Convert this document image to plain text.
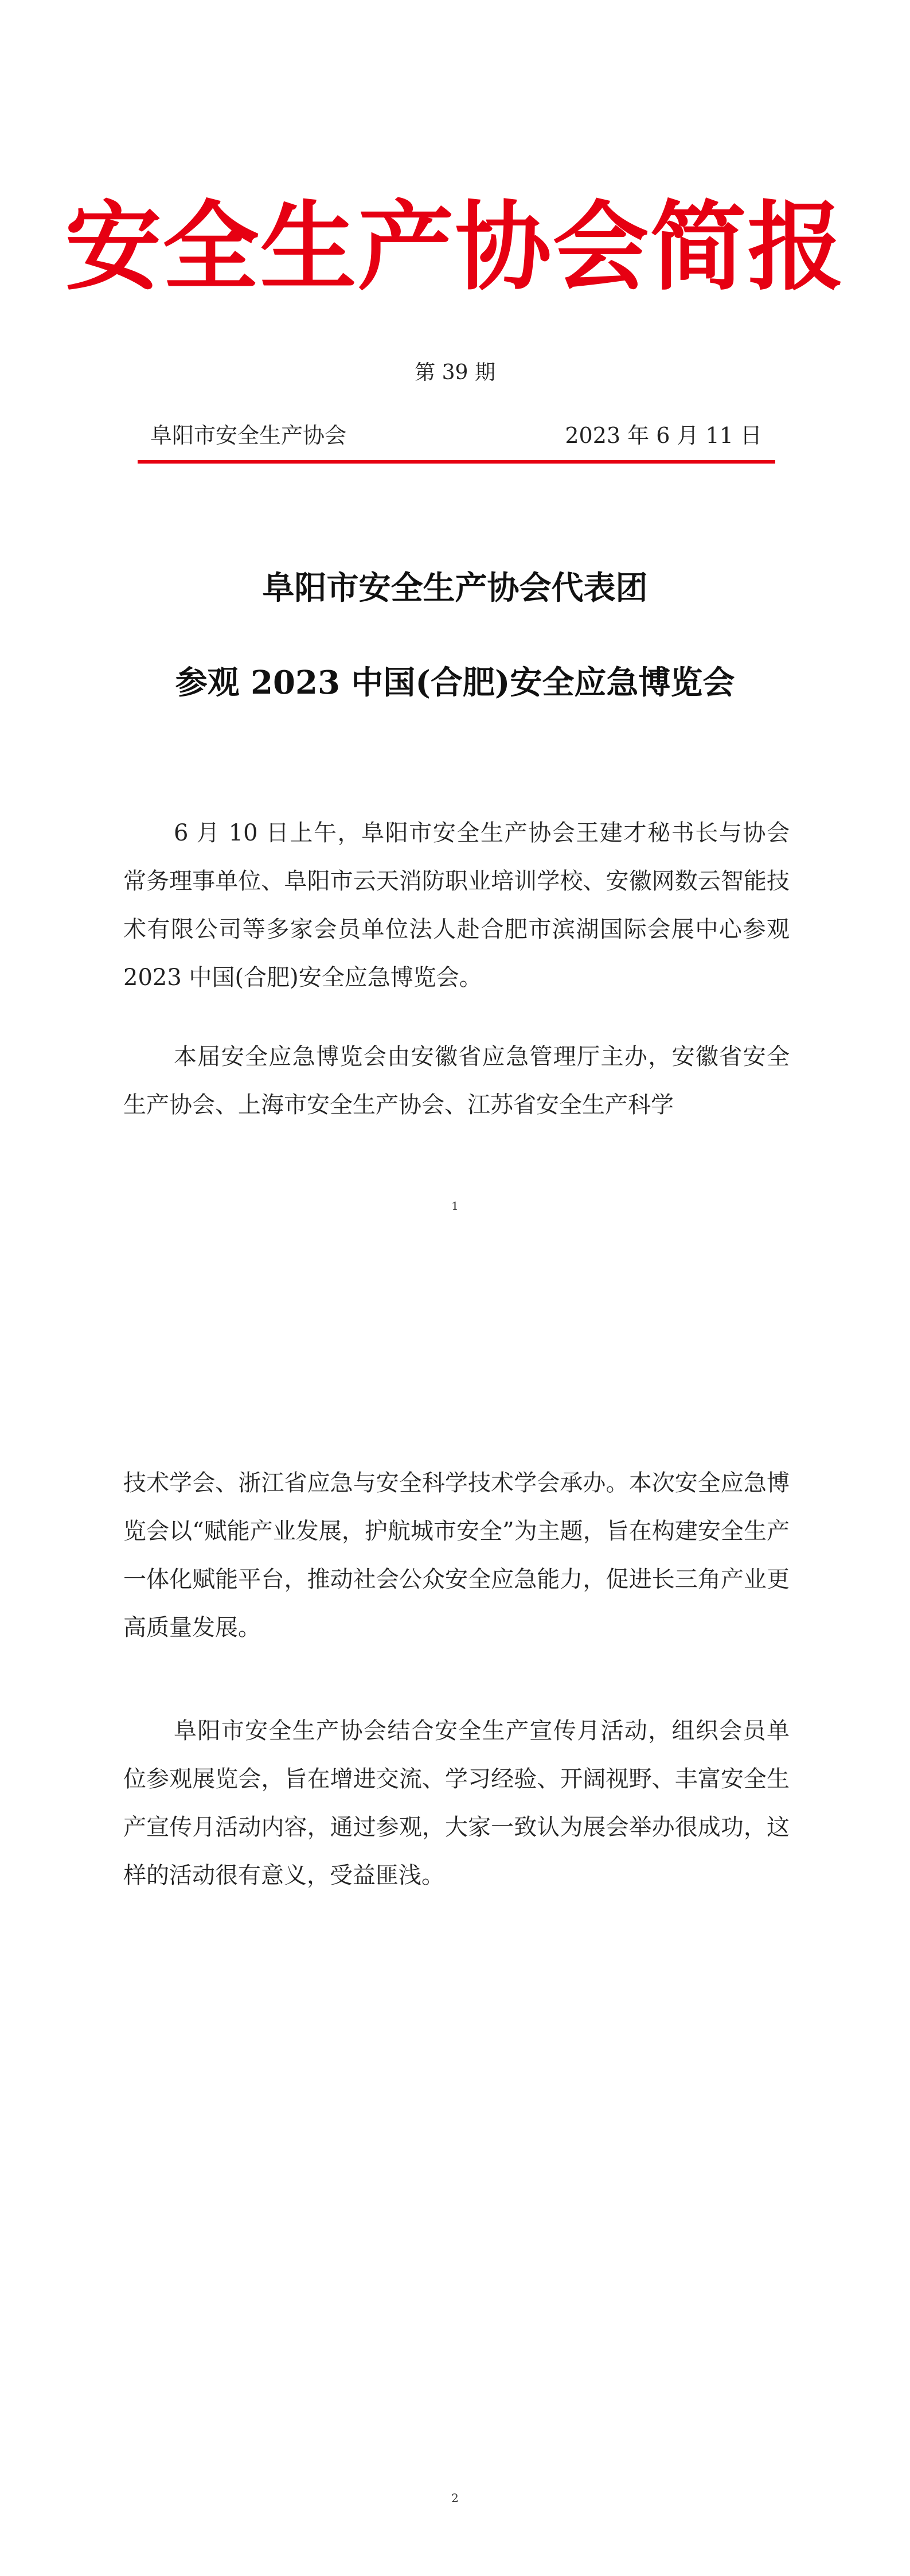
安全生产协会简报
第 39 期
阜阳市安全生产协会	2023 年 6 月 11 日
阜阳市安全生产协会代表团
参观 2023 中国(合肥)安全应急博览会

6 月 10 日上午，阜阳市安全生产协会王建才秘书长与协会常务理事单位、阜阳市云天消防职业培训学校、安徽网数云智能技术有限公司等多家会员单位法人赴合肥市滨湖国际会展中心参观 2023 中国(合肥)安全应急博览会。

本届安全应急博览会由安徽省应急管理厅主办，安徽省安全生产协会、上海市安全生产协会、江苏省安全生产科学

1

技术学会、浙江省应急与安全科学技术学会承办。本次安全应急博览会以“赋能产业发展，护航城市安全”为主题，旨在构建安全生产一体化赋能平台，推动社会公众安全应急能力，促进长三角产业更高质量发展。

阜阳市安全生产协会结合安全生产宣传月活动，组织会员单位参观展览会，旨在增进交流、学习经验、开阔视野、丰富安全生产宣传月活动内容，通过参观，大家一致认为展会举办很成功，这样的活动很有意义，受益匪浅。

2
